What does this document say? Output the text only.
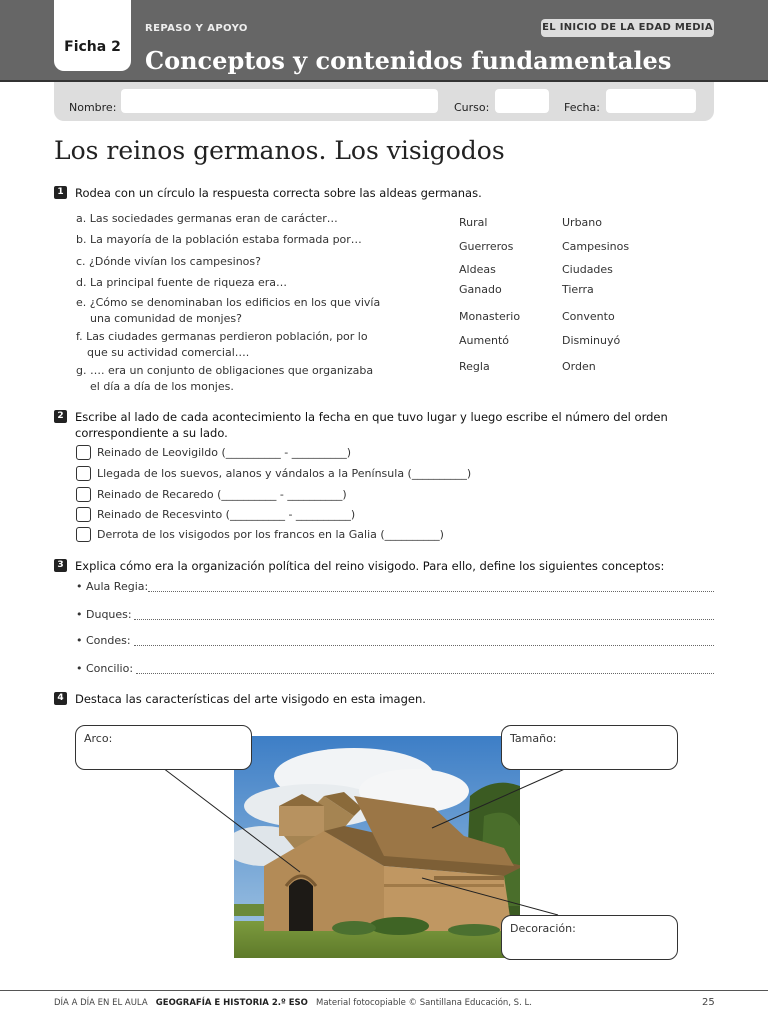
Ficha 2
REPASO Y APOYO	EL INICIO DE LA EDAD MEDIA
Conceptos y contenidos fundamentales
Nombre:	Curso:	Fecha:
Los reinos germanos. Los visigodos
1 Rodea con un círculo la respuesta correcta sobre las aldeas germanas.
a. Las sociedades germanas eran de carácter…	Rural	Urbano
b. La mayoría de la población estaba formada por…
Guerreros	Campesinos
c. ¿Dónde vivían los campesinos?
Aldeas	Ciudades
d. La principal fuente de riqueza era…
Ganado	Tierra
e. ¿Cómo se denominaban los edificios en los que vivía
una comunidad de monjes?	Monasterio	Convento
f. Las ciudades germanas perdieron población, por lo
que su actividad comercial….
Aumentó	Disminuyó
g. …. era un conjunto de obligaciones que organizaba
el día a día de los monjes.
Regla	Orden
2 Escribe al lado de cada acontecimiento la fecha en que tuvo lugar y luego escribe el número del orden
correspondiente a su lado.
Reinado de Leovigildo (__________ - __________)
Llegada de los suevos, alanos y vándalos a la Península (__________)
Reinado de Recaredo (__________ - __________)
Reinado de Recesvinto (__________ - __________)
Derrota de los visigodos por los francos en la Galia (__________)
3 Explica cómo era la organización política del reino visigodo. Para ello, define los siguientes conceptos:
• Aula Regia:
• Duques:
• Condes:
• Concilio:
4 Destaca las características del arte visigodo en esta imagen.
Arco:	Tamaño:
Decoración:
DÍA A DÍA EN EL AULA GEOGRAFÍA E HISTORIA 2.º ESO Material fotocopiable © Santillana Educación, S. L.	25
